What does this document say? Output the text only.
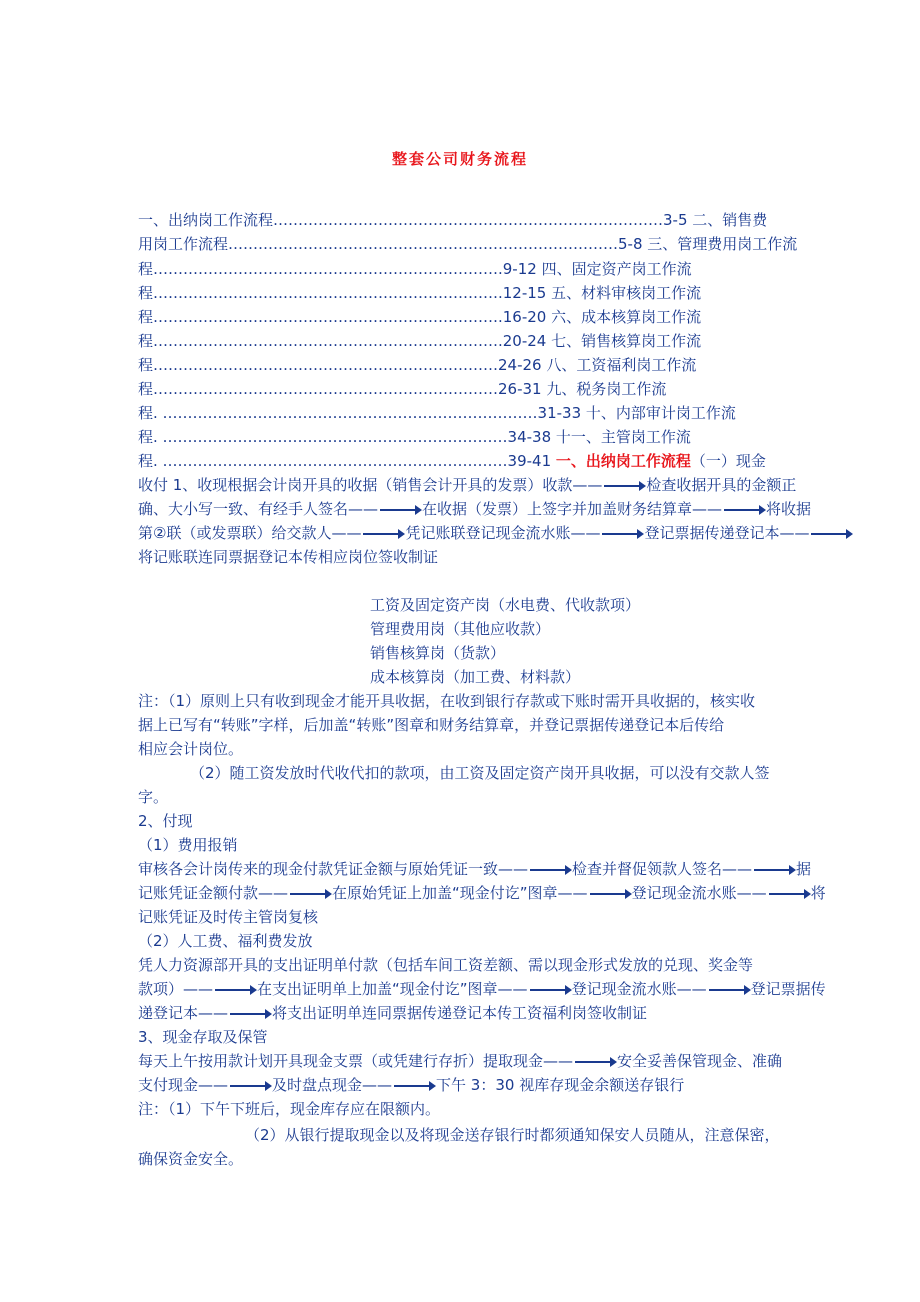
整套公司财务流程
一、出纳岗工作流程……………………………………………………………………3-5 二、销售费
用岗工作流程……………………………………………………………………5-8 三、管理费用岗工作流
程…………………………………………………………….9-12 四、固定资产岗工作流
程…………………………………………………………….12-15 五、材料审核岗工作流
程…………………………………………………………….16-20 六、成本核算岗工作流
程…………………………………………………………….20-24 七、销售核算岗工作流
程……………………………………………………………24-26 八、工资福利岗工作流
程……………………………………………………………26-31 九、税务岗工作流
程. …………………………………………………………………31-33 十、内部审计岗工作流
程. ……………………………………………………………34-38 十一、主管岗工作流
程. ……………………………………………………………39-41 一、出纳岗工作流程（一）现金
收付 1、收现根据会计岗开具的收据（销售会计开具的发票）收款——	检查收据开具的金额正
确、大小写一致、有经手人签名——	在收据（发票）上签字并加盖财务结算章——	将收据
第②联（或发票联）给交款人——	凭记账联登记现金流水账——	登记票据传递登记本——
将记账联连同票据登记本传相应岗位签收制证
工资及固定资产岗（水电费、代收款项）
管理费用岗（其他应收款）
销售核算岗（货款）
成本核算岗（加工费、材料款）
注：（1）原则上只有收到现金才能开具收据，在收到银行存款或下账时需开具收据的，核实收
据上已写有“转账”字样，后加盖“转账”图章和财务结算章，并登记票据传递登记本后传给
相应会计岗位。
（2）随工资发放时代收代扣的款项，由工资及固定资产岗开具收据，可以没有交款人签
字。
2、付现
（1）费用报销
审核各会计岗传来的现金付款凭证金额与原始凭证一致——	检查并督促领款人签名——	据
记账凭证金额付款——	在原始凭证上加盖“现金付讫”图章——	登记现金流水账——	将
记账凭证及时传主管岗复核
（2）人工费、福利费发放
凭人力资源部开具的支出证明单付款（包括车间工资差额、需以现金形式发放的兑现、奖金等
款项）——	在支出证明单上加盖“现金付讫”图章——	登记现金流水账——	登记票据传
递登记本——	将支出证明单连同票据传递登记本传工资福利岗签收制证
3、现金存取及保管
每天上午按用款计划开具现金支票（或凭建行存折）提取现金——	安全妥善保管现金、准确
支付现金——	及时盘点现金——	下午 3：30 视库存现金余额送存银行
注：（1）下午下班后，现金库存应在限额内。
（2）从银行提取现金以及将现金送存银行时都须通知保安人员随从，注意保密，
确保资金安全。
